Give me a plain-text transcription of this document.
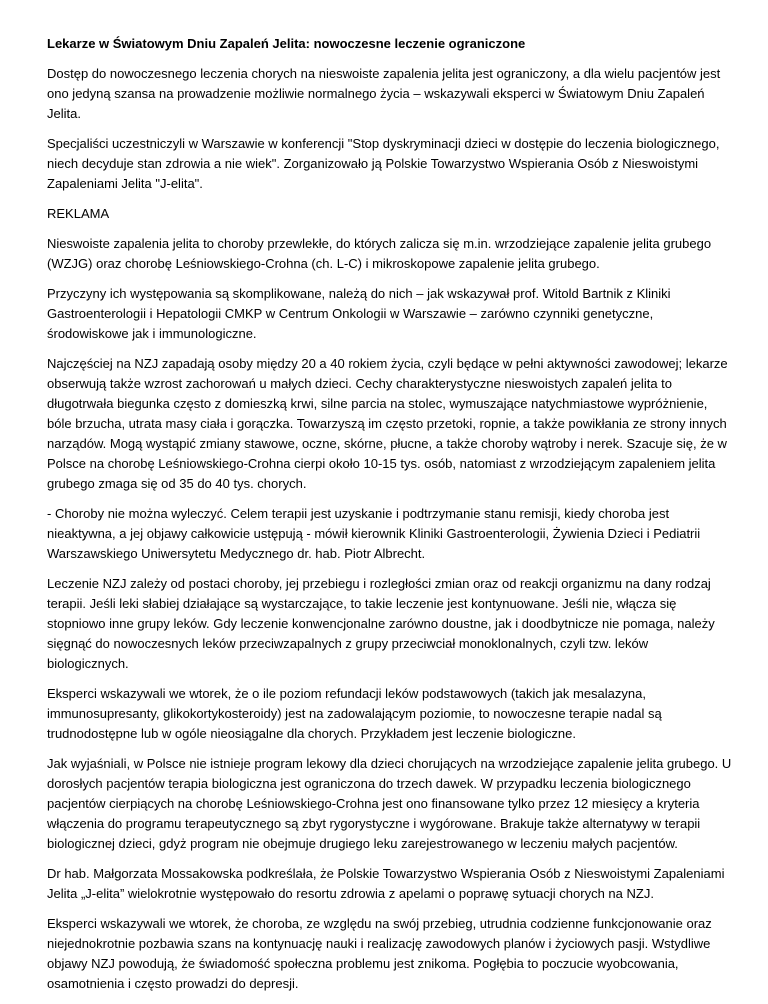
Lekarze w Światowym Dniu Zapaleń Jelita: nowoczesne leczenie ograniczone

Dostęp do nowoczesnego leczenia chorych na nieswoiste zapalenia jelita jest ograniczony, a dla wielu pacjentów jest ono jedyną szansa na prowadzenie możliwie normalnego życia – wskazywali eksperci w Światowym Dniu Zapaleń Jelita.

Specjaliści uczestniczyli w Warszawie w konferencji "Stop dyskryminacji dzieci w dostępie do leczenia biologicznego, niech decyduje stan zdrowia a nie wiek". Zorganizowało ją Polskie Towarzystwo Wspierania Osób z Nieswoistymi Zapaleniami Jelita "J-elita".

REKLAMA

Nieswoiste zapalenia jelita to choroby przewlekłe, do których zalicza się m.in. wrzodziejące zapalenie jelita grubego (WZJG) oraz chorobę Leśniowskiego-Crohna (ch. L-C) i mikroskopowe zapalenie jelita grubego.

Przyczyny ich występowania są skomplikowane, należą do nich – jak wskazywał prof. Witold Bartnik z Kliniki Gastroenterologii i Hepatologii CMKP w Centrum Onkologii w Warszawie – zarówno czynniki genetyczne, środowiskowe jak i immunologiczne.

Najczęściej na NZJ zapadają osoby między 20 a 40 rokiem życia, czyli będące w pełni aktywności zawodowej; lekarze obserwują także wzrost zachorowań u małych dzieci. Cechy charakterystyczne nieswoistych zapaleń jelita to długotrwała biegunka często z domieszką krwi, silne parcia na stolec, wymuszające natychmiastowe wypróżnienie, bóle brzucha, utrata masy ciała i gorączka. Towarzyszą im często przetoki, ropnie, a także powikłania ze strony innych narządów. Mogą wystąpić zmiany stawowe, oczne, skórne, płucne, a także choroby wątroby i nerek. Szacuje się, że w Polsce na chorobę Leśniowskiego-Crohna cierpi około 10-15 tys. osób, natomiast z wrzodziejącym zapaleniem jelita grubego zmaga się od 35 do 40 tys. chorych.

- Choroby nie można wyleczyć. Celem terapii jest uzyskanie i podtrzymanie stanu remisji, kiedy choroba jest nieaktywna, a jej objawy całkowicie ustępują - mówił kierownik Kliniki Gastroenterologii, Żywienia Dzieci i Pediatrii Warszawskiego Uniwersytetu Medycznego dr. hab. Piotr Albrecht.

Leczenie NZJ zależy od postaci choroby, jej przebiegu i rozległości zmian oraz od reakcji organizmu na dany rodzaj terapii. Jeśli leki słabiej działające są wystarczające, to takie leczenie jest kontynuowane. Jeśli nie, włącza się stopniowo inne grupy leków. Gdy leczenie konwencjonalne zarówno doustne, jak i doodbytnicze nie pomaga, należy sięgnąć do nowoczesnych leków przeciwzapalnych z grupy przeciwciał monoklonalnych, czyli tzw. leków biologicznych.

Eksperci wskazywali we wtorek, że o ile poziom refundacji leków podstawowych (takich jak mesalazyna, immunosupresanty, glikokortykosteroidy) jest na zadowalającym poziomie, to nowoczesne terapie nadal są trudnodostępne lub w ogóle nieosiągalne dla chorych. Przykładem jest leczenie biologiczne.

Jak wyjaśniali, w Polsce nie istnieje program lekowy dla dzieci chorujących na wrzodziejące zapalenie jelita grubego. U dorosłych pacjentów terapia biologiczna jest ograniczona do trzech dawek. W przypadku leczenia biologicznego pacjentów cierpiących na chorobę Leśniowskiego-Crohna jest ono finansowane tylko przez 12 miesięcy a kryteria włączenia do programu terapeutycznego są zbyt rygorystyczne i wygórowane. Brakuje także alternatywy w terapii biologicznej dzieci, gdyż program nie obejmuje drugiego leku zarejestrowanego w leczeniu małych pacjentów.

Dr hab. Małgorzata Mossakowska podkreślała, że Polskie Towarzystwo Wspierania Osób z Nieswoistymi Zapaleniami Jelita „J-elita” wielokrotnie występowało do resortu zdrowia z apelami o poprawę sytuacji chorych na NZJ.

Eksperci wskazywali we wtorek, że choroba, ze względu na swój przebieg, utrudnia codzienne funkcjonowanie oraz niejednokrotnie pozbawia szans na kontynuację nauki i realizację zawodowych planów i życiowych pasji. Wstydliwe objawy NZJ powodują, że świadomość społeczna problemu jest znikoma. Pogłębia to poczucie wyobcowania, osamotnienia i często prowadzi do depresji.
